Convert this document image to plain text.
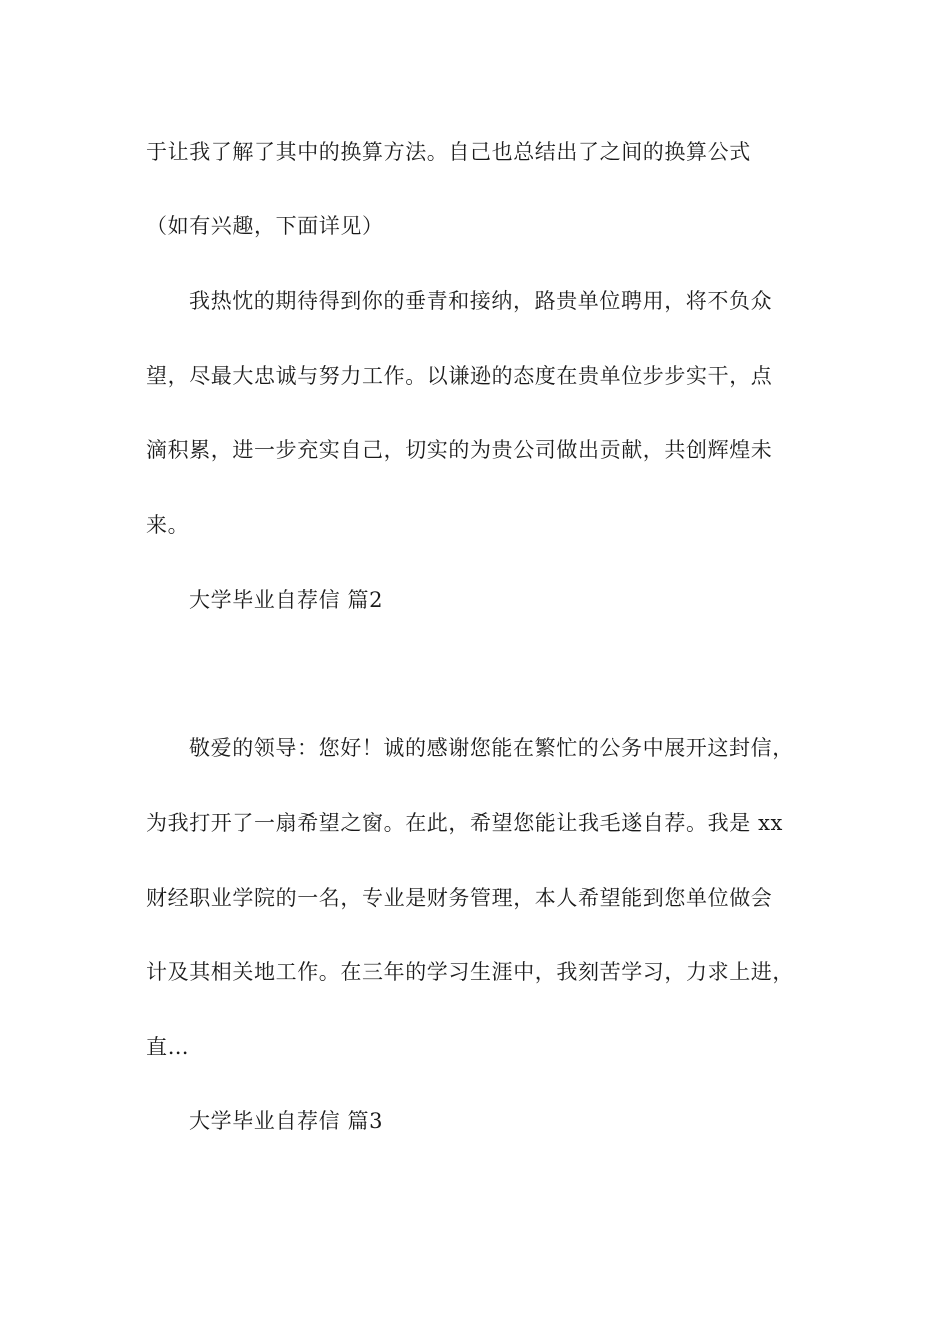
于让我了解了其中的换算方法。自己也总结出了之间的换算公式
（如有兴趣，下面详见）
我热忱的期待得到你的垂青和接纳，路贵单位聘用，将不负众
望，尽最大忠诚与努力工作。以谦逊的态度在贵单位步步实干，点
滴积累，进一步充实自己，切实的为贵公司做出贡献，共创辉煌未
来。
大学毕业自荐信 篇2
敬爱的领导：您好！诚的感谢您能在繁忙的公务中展开这封信，
为我打开了一扇希望之窗。在此，希望您能让我毛遂自荐。我是 xx
财经职业学院的一名，专业是财务管理，本人希望能到您单位做会
计及其相关地工作。在三年的学习生涯中，我刻苦学习，力求上进，
直…
大学毕业自荐信 篇3
